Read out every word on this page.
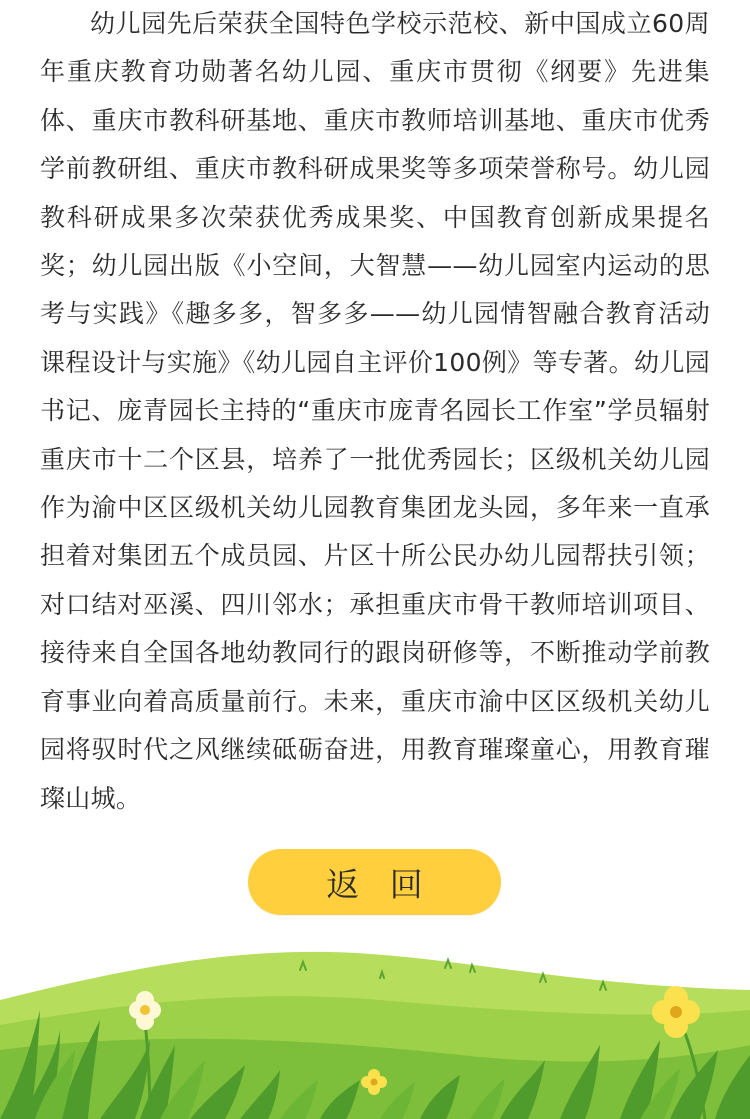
幼儿园先后荣获全国特色学校示范校、新中国成立60周年重庆教育功勋著名幼儿园、重庆市贯彻《纲要》先进集体、重庆市教科研基地、重庆市教师培训基地、重庆市优秀学前教研组、重庆市教科研成果奖等多项荣誉称号。幼儿园教科研成果多次荣获优秀成果奖、中国教育创新成果提名奖；幼儿园出版《小空间，大智慧——幼儿园室内运动的思考与实践》《趣多多，智多多——幼儿园情智融合教育活动课程设计与实施》《幼儿园自主评价100例》等专著。幼儿园书记、庞青园长主持的“重庆市庞青名园长工作室”学员辐射重庆市十二个区县，培养了一批优秀园长；区级机关幼儿园作为渝中区区级机关幼儿园教育集团龙头园，多年来一直承担着对集团五个成员园、片区十所公民办幼儿园帮扶引领；对口结对巫溪、四川邻水；承担重庆市骨干教师培训项目、接待来自全国各地幼教同行的跟岗研修等，不断推动学前教育事业向着高质量前行。未来，重庆市渝中区区级机关幼儿园将驭时代之风继续砥砺奋进，用教育璀璨童心，用教育璀璨山城。

返 回
